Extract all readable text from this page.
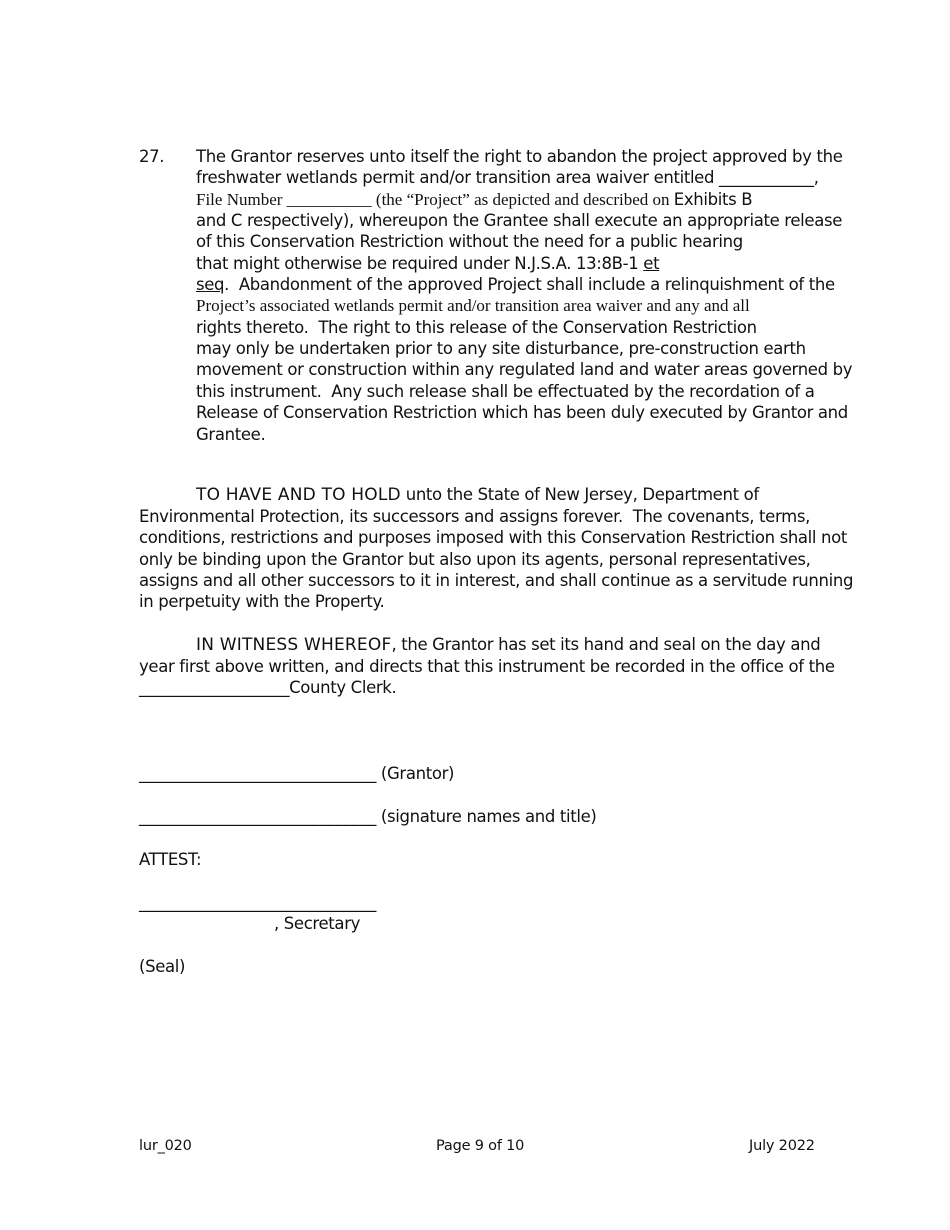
27. The Grantor reserves unto itself the right to abandon the project approved by the
freshwater wetlands permit and/or transition area waiver entitled ____________,
File Number __________ (the “Project” as depicted and described on Exhibits B
and C respectively), whereupon the Grantee shall execute an appropriate release
of this Conservation Restriction without the need for a public hearing
that might otherwise be required under N.J.S.A. 13:8B-1 et
seq.  Abandonment of the approved Project shall include a relinquishment of the
Project’s associated wetlands permit and/or transition area waiver and any and all
rights thereto.  The right to this release of the Conservation Restriction
may only be undertaken prior to any site disturbance, pre-construction earth
movement or construction within any regulated land and water areas governed by
this instrument.  Any such release shall be effectuated by the recordation of a
Release of Conservation Restriction which has been duly executed by Grantor and
Grantee.
TO HAVE AND TO HOLD unto the State of New Jersey, Department of
Environmental Protection, its successors and assigns forever.  The covenants, terms,
conditions, restrictions and purposes imposed with this Conservation Restriction shall not
only be binding upon the Grantor but also upon its agents, personal representatives,
assigns and all other successors to it in interest, and shall continue as a servitude running
in perpetuity with the Property.
IN WITNESS WHEREOF, the Grantor has set its hand and seal on the day and
year first above written, and directs that this instrument be recorded in the office of the
___________________County Clerk.
______________________________ (Grantor)
______________________________ (signature names and title)
ATTEST:
______________________________
, Secretary
(Seal)
lur_020	Page 9 of 10	July 2022
